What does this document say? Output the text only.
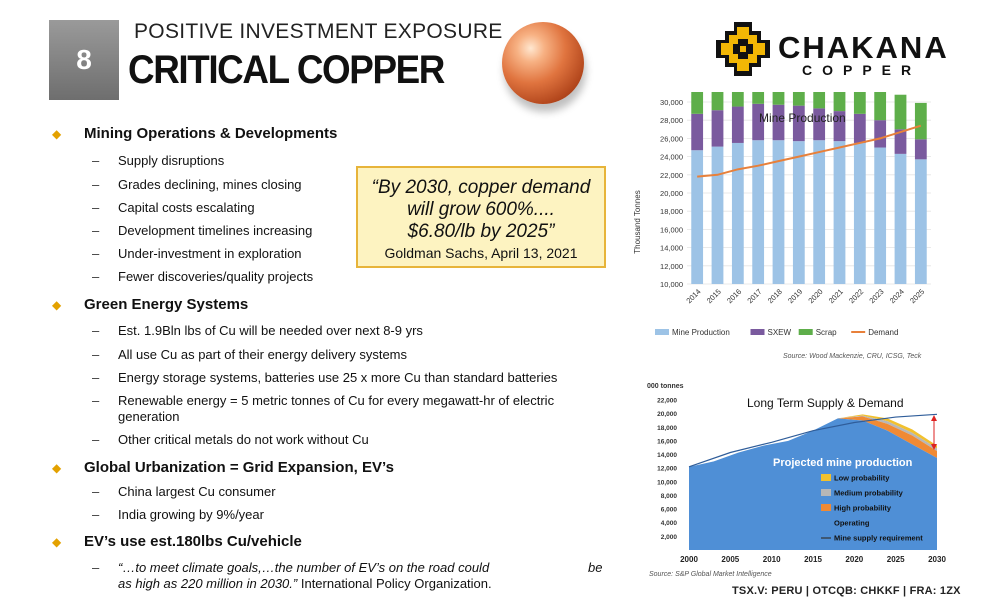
8
POSITIVE INVESTMENT EXPOSURE
CRITICAL COPPER
CHAKANA
COPPER
◆ Mining Operations & Developments
– Supply disruptions
– Grades declining, mines closing
– Capital costs escalating
– Development timelines increasing
– Under-investment in exploration
– Fewer discoveries/quality projects
◆ Green Energy Systems
– Est. 1.9Bln lbs of Cu will be needed over next 8-9 yrs
– All use Cu as part of their energy delivery systems
– Energy storage systems, batteries use 25 x more Cu than standard batteries
– Renewable energy = 5 metric tonnes of Cu for every megawatt-hr of electric
generation
– Other critical metals do not work without Cu
◆ Global Urbanization = Grid Expansion, EV’s
– China largest Cu consumer
– India growing by 9%/year
◆ EV’s use est.180lbs Cu/vehicle
– “…to meet climate goals,…the number of EV’s on the road could	be
as high as 220 million in 2030.” International Policy Organization.
“By 2030, copper demand
will grow 600%....
$6.80/lb by 2025”
Goldman Sachs, April 13, 2021
10,000
12,000
14,000
16,000
18,000
20,000
22,000
24,000
26,000
28,000
30,000
2014 2015 2016 2017 2018 2019 2020 2021 2022 2023 2024 2025
Mine Production
Thousand Tonnes
Mine Production	SXEW	Scrap	Demand
Source: Wood Mackenzie, CRU, ICSG, Teck
000 tonnes
2,000
4,000
6,000
8,000
10,000
12,000
14,000
16,000
18,000
20,000
22,000
2000	2005	2010	2015	2020	2025	2030
Long Term Supply & Demand
Projected mine production
Low probability
Medium probability
High probability
Operating
Mine supply requirement
Source: S&P Global Market Intelligence
TSX.V: PERU | OTCQB: CHKKF | FRA: 1ZX
